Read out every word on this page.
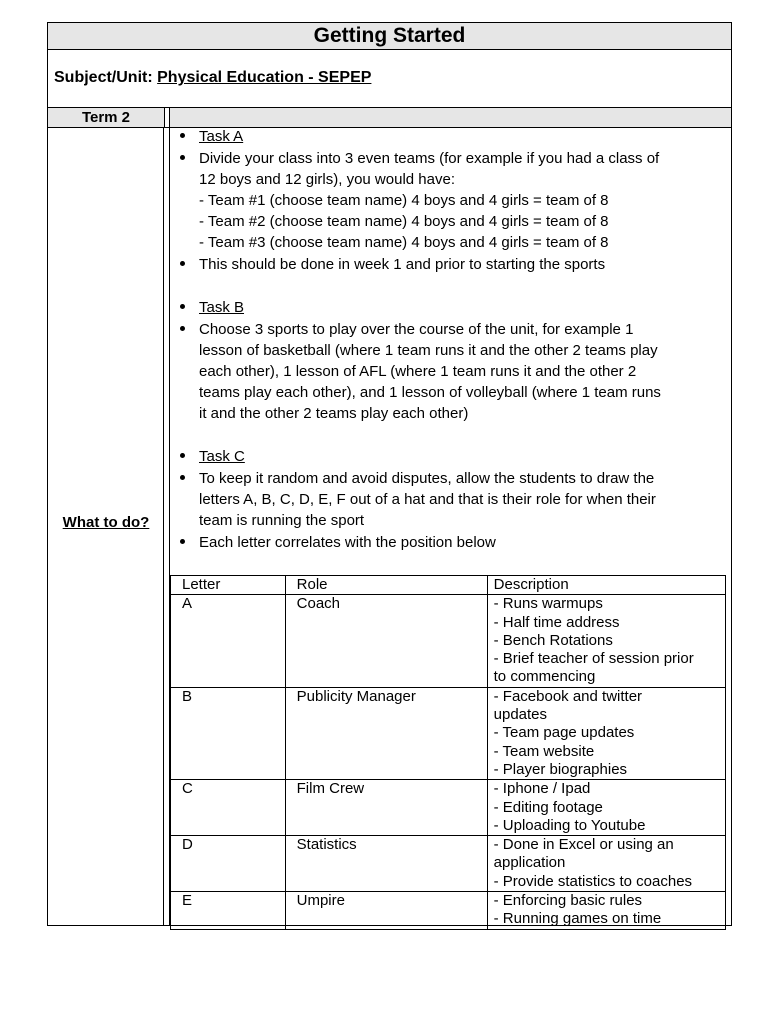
Getting Started
Subject/Unit: Physical Education - SEPEP
Term 2
What to do?
Task A
Divide your class into 3 even teams (for example if you had a class of
12 boys and 12 girls), you would have:
- Team #1 (choose team name) 4 boys and 4 girls = team of 8
- Team #2 (choose team name) 4 boys and 4 girls = team of 8
- Team #3 (choose team name) 4 boys and 4 girls = team of 8
This should be done in week 1 and prior to starting the sports
Task B
Choose 3 sports to play over the course of the unit, for example 1
lesson of basketball (where 1 team runs it and the other 2 teams play
each other), 1 lesson of AFL (where 1 team runs it and the other 2
teams play each other), and 1 lesson of volleyball (where 1 team runs
it and the other 2 teams play each other)
Task C
To keep it random and avoid disputes, allow the students to draw the
letters A, B, C, D, E, F out of a hat and that is their role for when their
team is running the sport
Each letter correlates with the position below
Letter	Role	Description
A	Coach	- Runs warmups
- Half time address
- Bench Rotations
- Brief teacher of session prior
to commencing

B	Publicity Manager	- Facebook and twitter
updates
- Team page updates
- Team website
- Player biographies

C	Film Crew	- Iphone / Ipad
- Editing footage
- Uploading to Youtube

D	Statistics	- Done in Excel or using an
application
- Provide statistics to coaches

E	Umpire	- Enforcing basic rules
- Running games on time
